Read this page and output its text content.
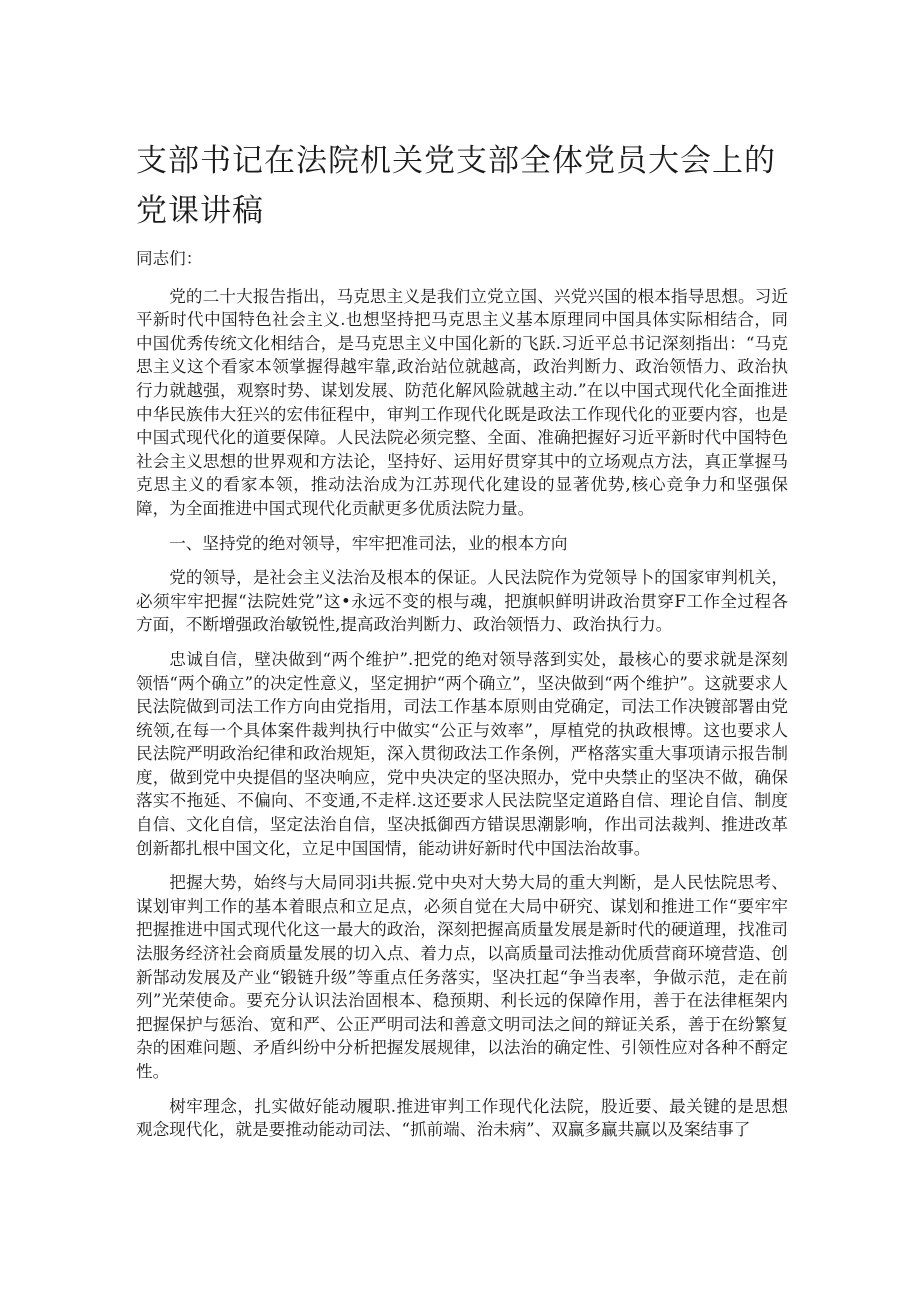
支部书记在法院机关党支部全体党员大会上的党课讲稿

同志们：

党的二十大报告指出，马克思主义是我们立党立国、兴党兴国的根本指导思想。习近平新时代中国特色社会主义.也想坚持把马克思主义基本原理同中国具体实际相结合，同中国优秀传统文化相结合，是马克思主义中国化新的飞跃.习近平总书记深刻指出：“马克思主义这个看家本领掌握得越牢靠,政治站位就越高，政治判断力、政治领悟力、政治执行力就越强，观察时势、谋划发展、防范化解风险就越主动.”在以中国式现代化全面推进中华民族伟大狂兴的宏伟征程中，审判工作现代化既是政法工作现代化的亚要内容，也是中国式现代化的道要保障。人民法院必须完整、全面、准确把握好习近平新时代中国特色社会主义思想的世界观和方法论，坚持好、运用好贯穿其中的立场观点方法，真正掌握马克思主义的看家本领，推动法治成为江苏现代化建设的显著优势,核心竞争力和坚强保障，为全面推进中国式现代化贡献更多优质法院力量。

一、坚持党的绝对领导，牢牢把准司法，业的根本方向

党的领导，是社会主义法治及根本的保证。人民法院作为党领导卜的国家审判机关，必须牢牢把握“法院姓党”这•永远不变的根与魂，把旗帜鲜明讲政治贯穿F工作全过程各方面，不断增强政治敏锐性,提高政治判断力、政治领悟力、政治执行力。

忠诚自信，壁决做到“两个维护”.把党的绝对领导落到实处，最核心的要求就是深刻领悟“两个确立”的决定性意义，坚定拥护“两个确立”，坚决做到“两个维护”。这就要求人民法院做到司法工作方向由党指用，司法工作基本原则由党确定，司法工作决镀部署由党统领,在每一个具体案件裁判执行中做实“公正与效率”，厚植党的执政根博。这也要求人民法院严明政治纪律和政治规矩，深入贯彻政法工作条例，严格落实重大事项请示报告制度，做到党中央提倡的坚决响应，党中央决定的坚决照办，党中央禁止的坚决不做，确保落实不拖延、不偏向、不变通,不走样.这还要求人民法院坚定道路自信、理论自信、制度自信、文化自信，坚定法治自信，坚决抵御西方错误思潮影响，作出司法裁判、推进改革创新都扎根中国文化，立足中国国情，能动讲好新时代中国法治故事。

把握大势，始终与大局同羽i共振.党中央对大势大局的重大判断，是人民怯院思考、谋划审判工作的基本着眼点和立足点，必须自觉在大局中研究、谋划和推进工作“要牢牢把握推进中国式现代化这一最大的政治，深刻把握高质量发展是新时代的硬道理，找准司法服务经济社会商质量发展的切入点、着力点，以高质量司法推动优质营商环境营造、创新郜动发展及产业“锻链升级”等重点任务落实，坚决扛起“争当表率，争做示范，走在前列”光荣使命。要充分认识法治固根本、稳预期、利长远的保障作用，善于在法律框架内把握保护与惩治、宽和严、公正严明司法和善意文明司法之间的辩证关系，善于在纷繁复杂的困难问题、矛盾纠纷中分析把握发展规律，以法治的确定性、引领性应对各种不酹定性。

树牢理念，扎实做好能动履职.推进审判工作现代化法院，股近要、最关键的是思想观念现代化，就是要推动能动司法、“抓前端、治未病”、双赢多赢共赢以及案结事了
